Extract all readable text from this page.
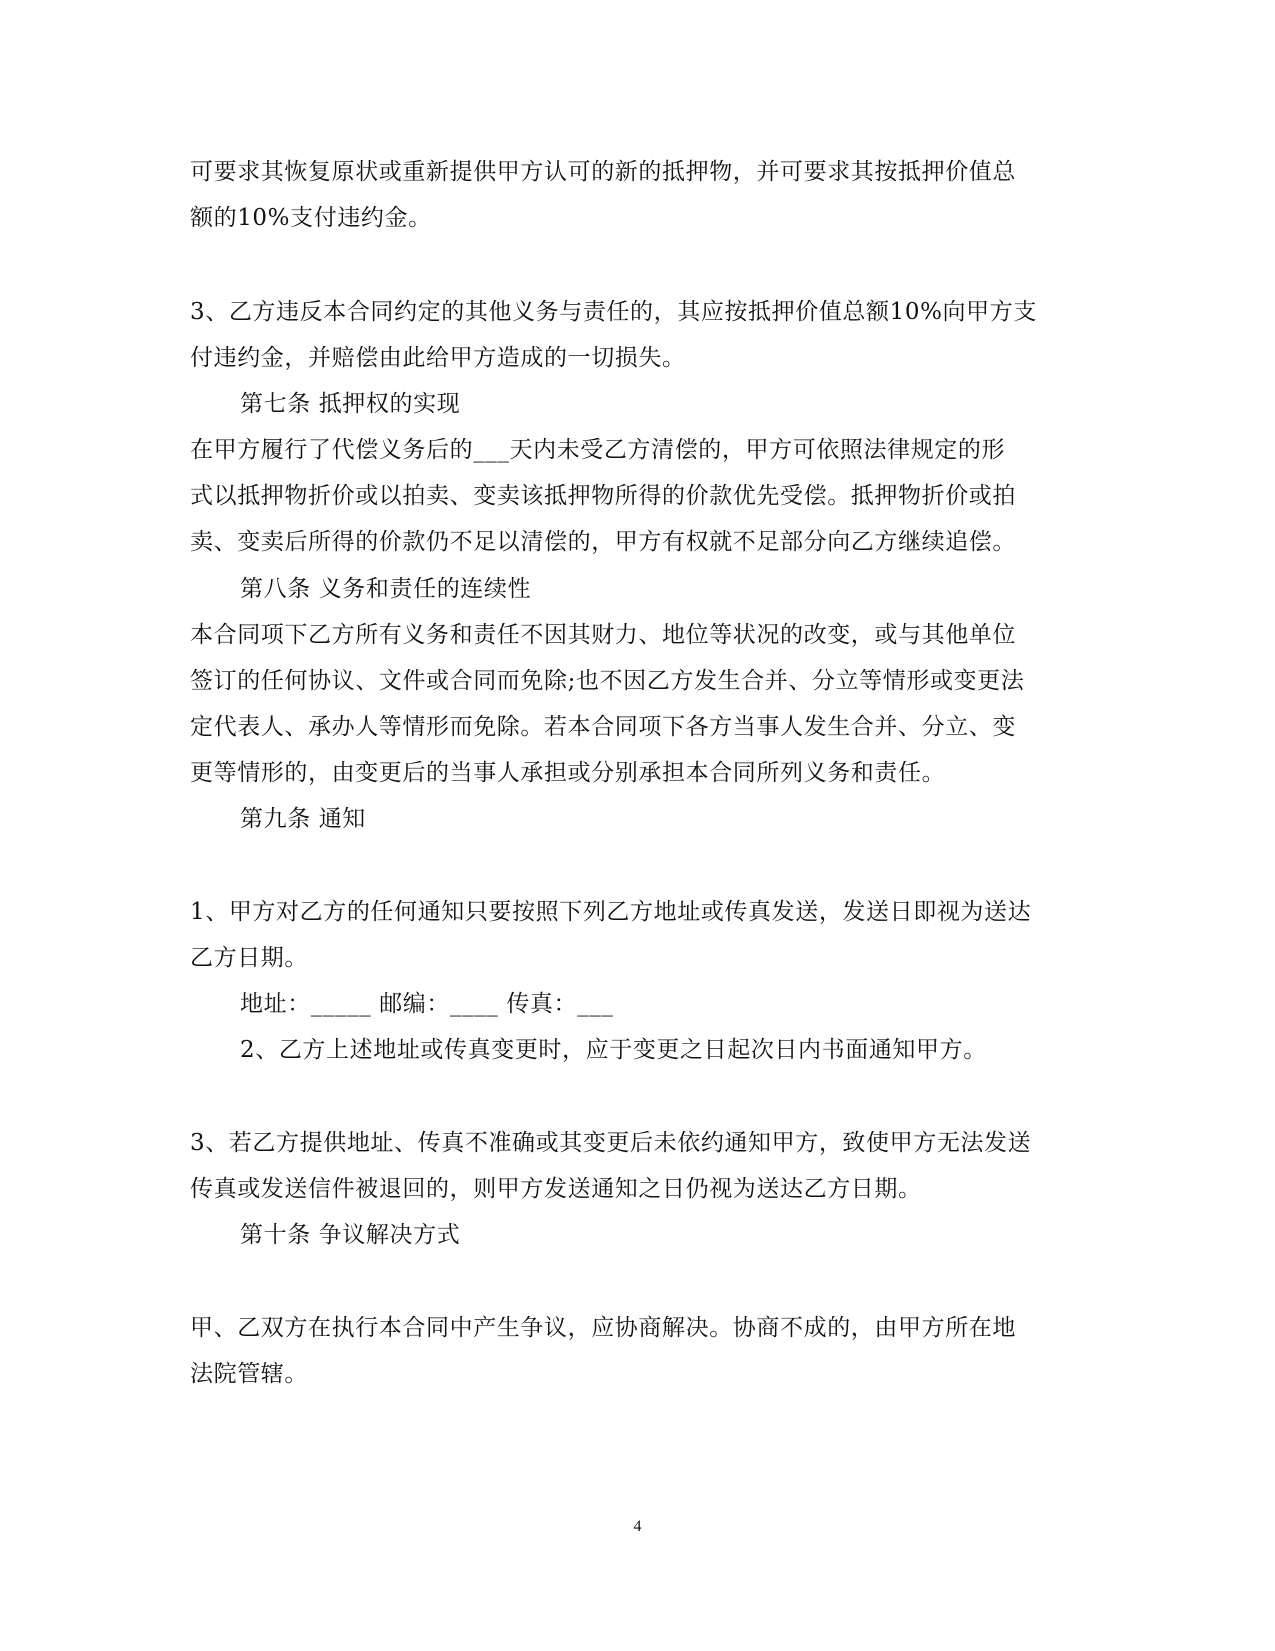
可要求其恢复原状或重新提供甲方认可的新的抵押物，并可要求其按抵押价值总
额的10%支付违约金。
3、乙方违反本合同约定的其他义务与责任的，其应按抵押价值总额10%向甲方支
付违约金，并赔偿由此给甲方造成的一切损失。
第七条 抵押权的实现
在甲方履行了代偿义务后的___天内未受乙方清偿的，甲方可依照法律规定的形
式以抵押物折价或以拍卖、变卖该抵押物所得的价款优先受偿。抵押物折价或拍
卖、变卖后所得的价款仍不足以清偿的，甲方有权就不足部分向乙方继续追偿。
第八条 义务和责任的连续性
本合同项下乙方所有义务和责任不因其财力、地位等状况的改变，或与其他单位
签订的任何协议、文件或合同而免除;也不因乙方发生合并、分立等情形或变更法
定代表人、承办人等情形而免除。若本合同项下各方当事人发生合并、分立、变
更等情形的，由变更后的当事人承担或分别承担本合同所列义务和责任。
第九条 通知
1、甲方对乙方的任何通知只要按照下列乙方地址或传真发送，发送日即视为送达
乙方日期。
地址：_____ 邮编：____ 传真：___
2、乙方上述地址或传真变更时，应于变更之日起次日内书面通知甲方。
3、若乙方提供地址、传真不准确或其变更后未依约通知甲方，致使甲方无法发送
传真或发送信件被退回的，则甲方发送通知之日仍视为送达乙方日期。
第十条 争议解决方式
甲、乙双方在执行本合同中产生争议，应协商解决。协商不成的，由甲方所在地
法院管辖。
4
